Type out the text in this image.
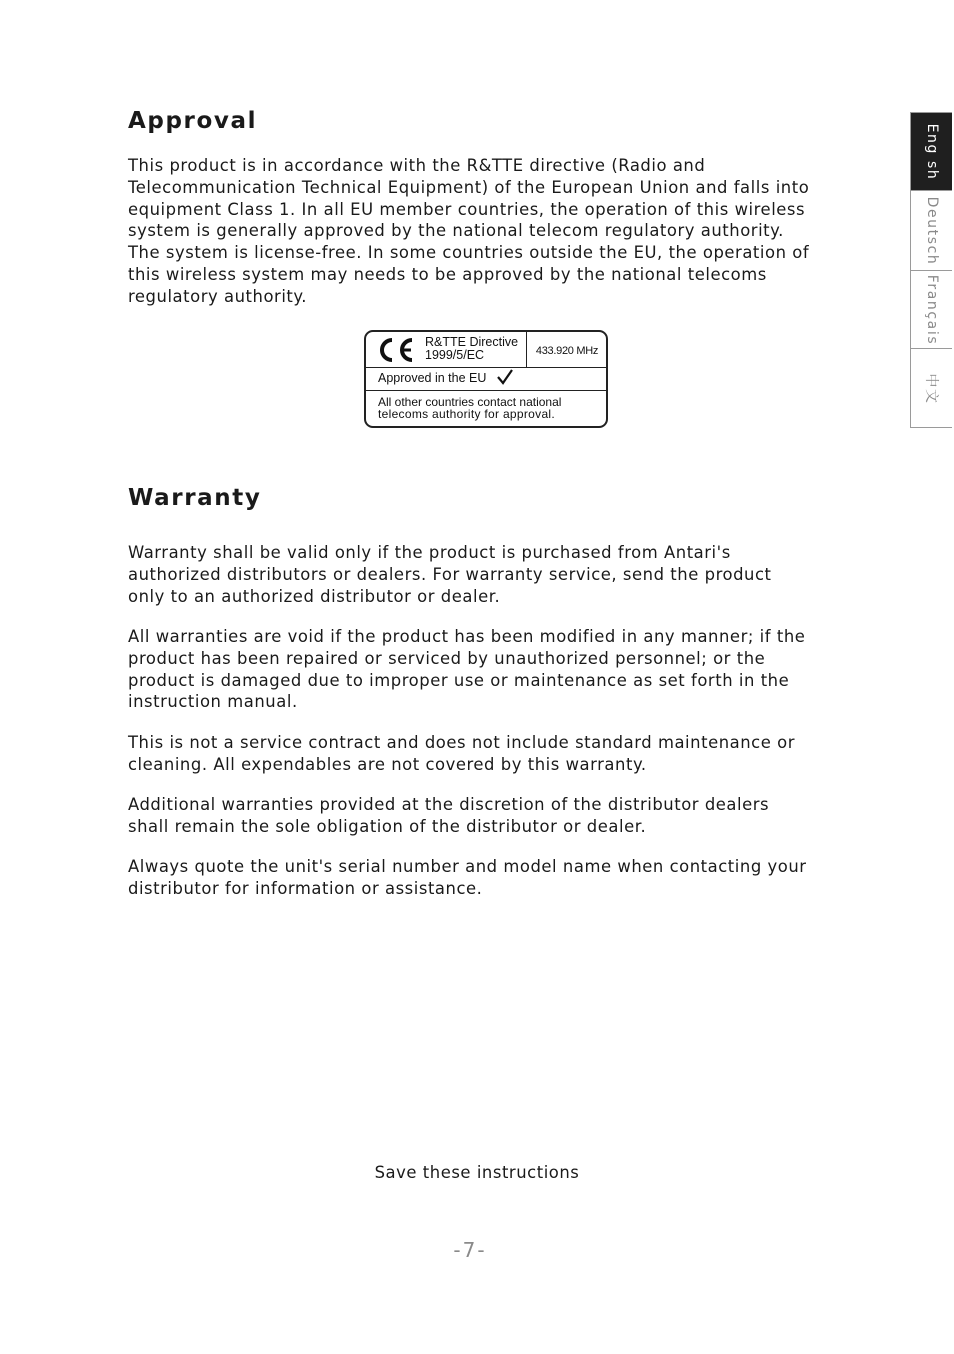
Approval

This product is in accordance with the R&TTE directive (Radio and
Telecommunication Technical Equipment) of the European Union and falls into
equipment Class 1. In all EU member countries, the operation of this wireless
system is generally approved by the national telecom regulatory authority.
The system is license-free. In some countries outside the EU, the operation of
this wireless system may needs to be approved by the national telecoms
regulatory authority.

R&TTE Directive
1999/5/EC	433.920 MHz
Approved in the EU
All other countries contact national
telecoms authority for approval.
Warranty

Warranty shall be valid only if the product is purchased from Antari's
authorized distributors or dealers. For warranty service, send the product
only to an authorized distributor or dealer.

All warranties are void if the product has been modified in any manner; if the
product has been repaired or serviced by unauthorized personnel; or the
product is damaged due to improper use or maintenance as set forth in the
instruction manual.

This is not a service contract and does not include standard maintenance or
cleaning. All expendables are not covered by this warranty.

Additional warranties provided at the discretion of the distributor dealers
shall remain the sole obligation of the distributor or dealer.

Always quote the unit's serial number and model name when contacting your
distributor for information or assistance.

Eng sh
Deutsch
Français
中文

Save these instructions

-7-
